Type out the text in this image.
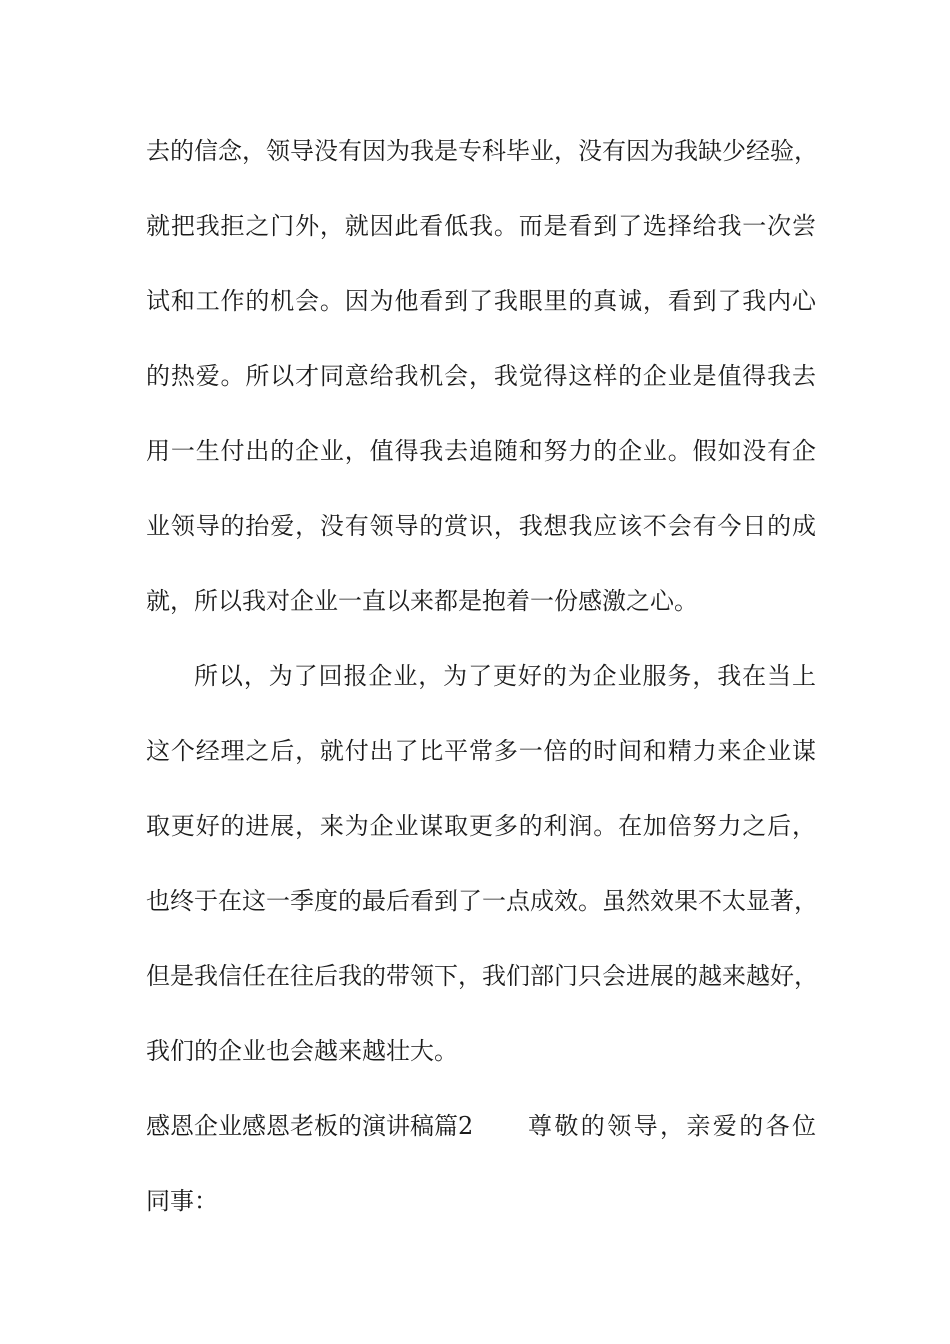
去的信念，领导没有因为我是专科毕业，没有因为我缺少经验，
就把我拒之门外，就因此看低我。而是看到了选择给我一次尝
试和工作的机会。因为他看到了我眼里的真诚，看到了我内心
的热爱。所以才同意给我机会，我觉得这样的企业是值得我去
用一生付出的企业，值得我去追随和努力的企业。假如没有企
业领导的抬爱，没有领导的赏识，我想我应该不会有今日的成
就，所以我对企业一直以来都是抱着一份感激之心。
所以，为了回报企业，为了更好的为企业服务，我在当上
这个经理之后，就付出了比平常多一倍的时间和精力来企业谋
取更好的进展，来为企业谋取更多的利润。在加倍努力之后，
也终于在这一季度的最后看到了一点成效。虽然效果不太显著，
但是我信任在往后我的带领下，我们部门只会进展的越来越好，
我们的企业也会越来越壮大。
感恩企业感恩老板的演讲稿篇2 尊敬的领导，亲爱的各位
同事：
